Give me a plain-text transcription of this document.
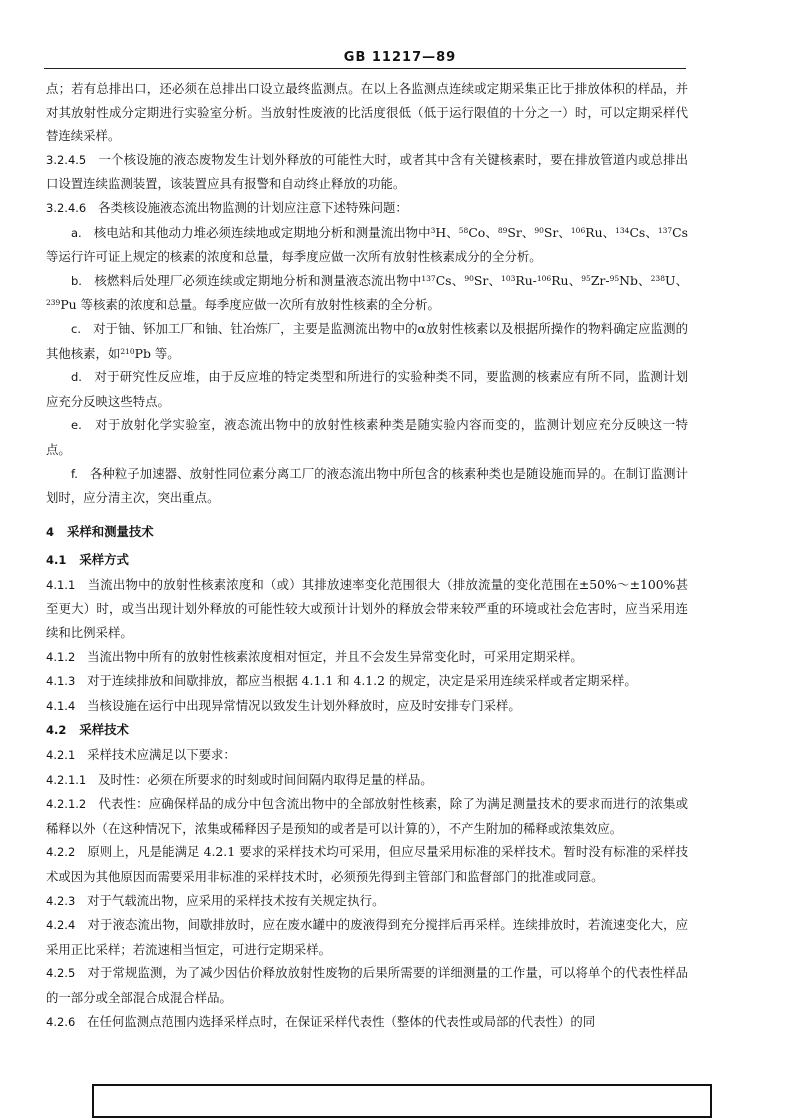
GB 11217—89

点；若有总排出口，还必须在总排出口设立最终监测点。在以上各监测点连续或定期采集正比于排放体积的样品，并对其放射性成分定期进行实验室分析。当放射性废液的比活度很低（低于运行限值的十分之一）时，可以定期采样代替连续采样。

3.2.4.5 一个核设施的液态废物发生计划外释放的可能性大时，或者其中含有关键核素时，要在排放管道内或总排出口设置连续监测装置，该装置应具有报警和自动终止释放的功能。

3.2.4.6 各类核设施液态流出物监测的计划应注意下述特殊问题：

a. 核电站和其他动力堆必须连续地或定期地分析和测量流出物中$^3$H、$^{58}$Co、$^{89}$Sr、$^{90}$Sr、$^{106}$Ru、$^{134}$Cs、$^{137}$Cs 等运行许可证上规定的核素的浓度和总量，每季度应做一次所有放射性核素成分的全分析。

b. 核燃料后处理厂必须连续或定期地分析和测量液态流出物中$^{137}$Cs、$^{90}$Sr、$^{103}$Ru-$^{106}$Ru、$^{95}$Zr-$^{95}$Nb、$^{238}$U、$^{239}$Pu 等核素的浓度和总量。每季度应做一次所有放射性核素的全分析。

c. 对于铀、钚加工厂和铀、钍冶炼厂，主要是监测流出物中的α放射性核素以及根据所操作的物料确定应监测的其他核素，如$^{210}$Pb 等。

d. 对于研究性反应堆，由于反应堆的特定类型和所进行的实验种类不同，要监测的核素应有所不同，监测计划应充分反映这些特点。

e. 对于放射化学实验室，液态流出物中的放射性核素种类是随实验内容而变的，监测计划应充分反映这一特点。

f. 各种粒子加速器、放射性同位素分离工厂的液态流出物中所包含的核素种类也是随设施而异的。在制订监测计划时，应分清主次，突出重点。

4 采样和测量技术

4.1 采样方式

4.1.1 当流出物中的放射性核素浓度和（或）其排放速率变化范围很大（排放流量的变化范围在±50%～±100%甚至更大）时，或当出现计划外释放的可能性较大或预计计划外的释放会带来较严重的环境或社会危害时，应当采用连续和比例采样。

4.1.2 当流出物中所有的放射性核素浓度相对恒定，并且不会发生异常变化时，可采用定期采样。

4.1.3 对于连续排放和间歇排放，都应当根据 4.1.1 和 4.1.2 的规定，决定是采用连续采样或者定期采样。

4.1.4 当核设施在运行中出现异常情况以致发生计划外释放时，应及时安排专门采样。

4.2 采样技术

4.2.1 采样技术应满足以下要求：

4.2.1.1 及时性：必须在所要求的时刻或时间间隔内取得足量的样品。

4.2.1.2 代表性：应确保样品的成分中包含流出物中的全部放射性核素，除了为满足测量技术的要求而进行的浓集或稀释以外（在这种情况下，浓集或稀释因子是预知的或者是可以计算的），不产生附加的稀释或浓集效应。

4.2.2 原则上，凡是能满足 4.2.1 要求的采样技术均可采用，但应尽量采用标准的采样技术。暂时没有标准的采样技术或因为其他原因而需要采用非标准的采样技术时，必须预先得到主管部门和监督部门的批准或同意。

4.2.3 对于气载流出物，应采用的采样技术按有关规定执行。

4.2.4 对于液态流出物，间歇排放时，应在废水罐中的废液得到充分搅拌后再采样。连续排放时，若流速变化大，应采用正比采样；若流速相当恒定，可进行定期采样。

4.2.5 对于常规监测，为了减少因估价释放放射性废物的后果所需要的详细测量的工作量，可以将单个的代表性样品的一部分或全部混合成混合样品。

4.2.6 在任何监测点范围内选择采样点时，在保证采样代表性（整体的代表性或局部的代表性）的同
